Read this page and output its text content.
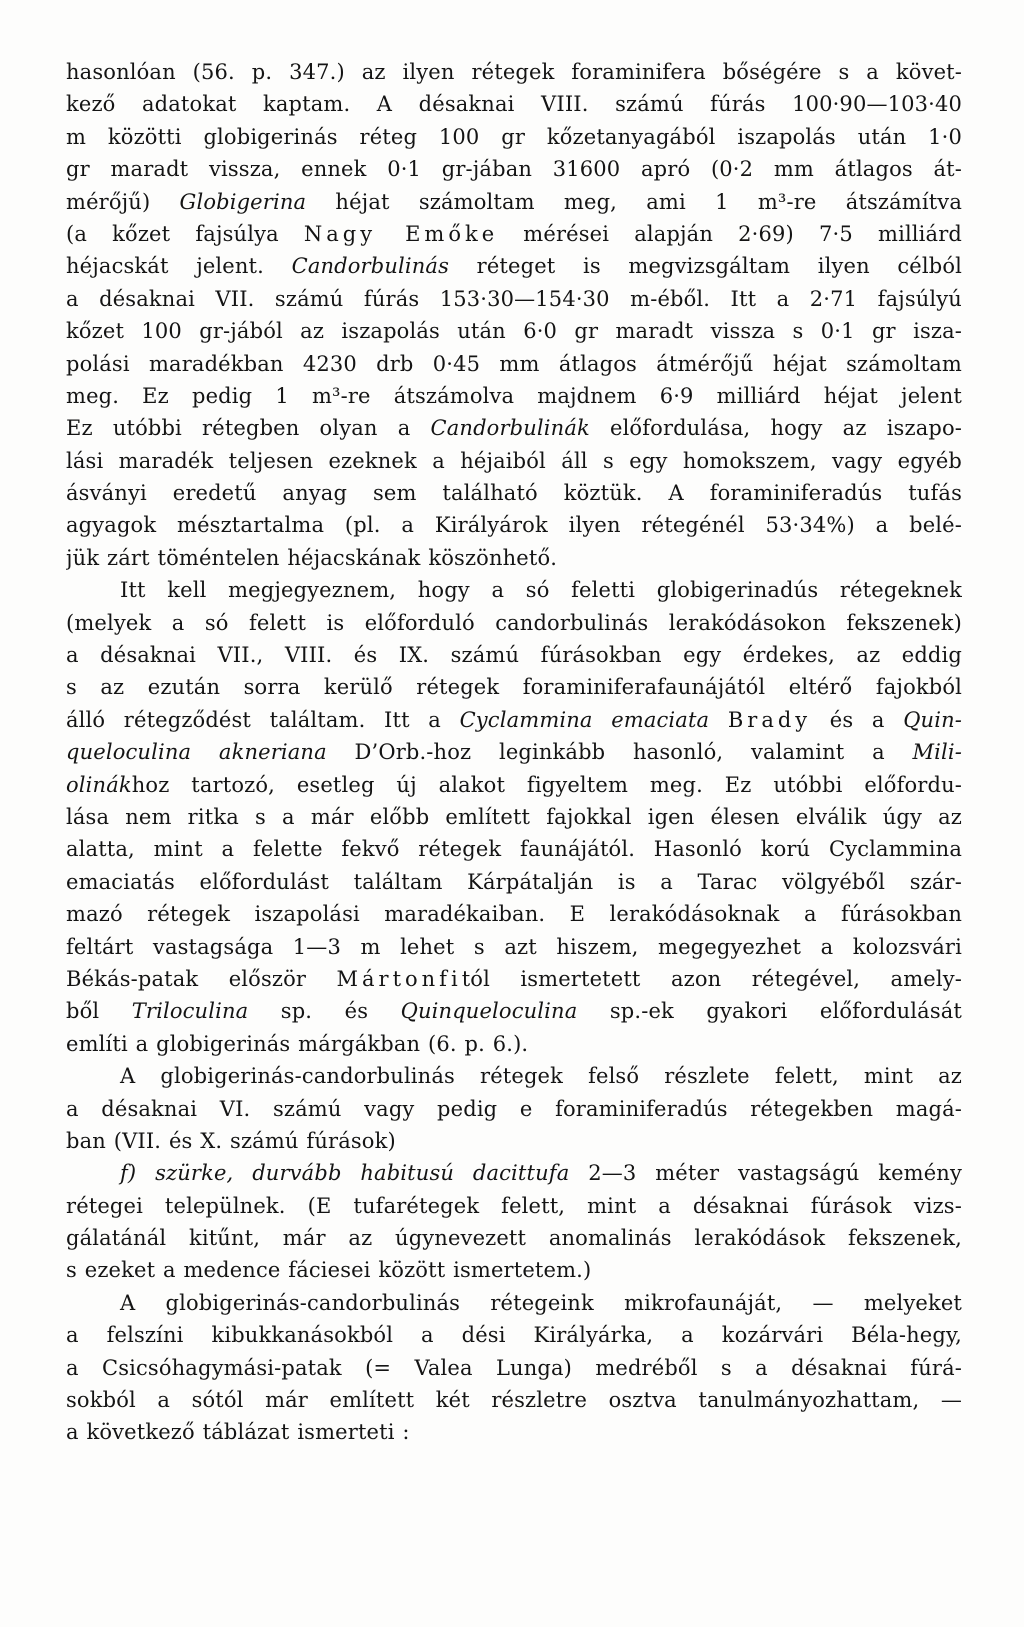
hasonlóan (56. p. 347.) az ilyen rétegek foraminifera bőségére s a követ-
kező adatokat kaptam. A désaknai VIII. számú fúrás 100·90—103·40
m közötti globigerinás réteg 100 gr kőzetanyagából iszapolás után 1·0
gr maradt vissza, ennek 0·1 gr-jában 31600 apró (0·2 mm átlagos át-
mérőjű) Globigerina héjat számoltam meg, ami 1 m³-re átszámítva
(a kőzet fajsúlya Nagy Emőke mérései alapján 2·69) 7·5 milliárd
héjacskát jelent. Candorbulinás réteget is megvizsgáltam ilyen célból
a désaknai VII. számú fúrás 153·30—154·30 m-éből. Itt a 2·71 fajsúlyú
kőzet 100 gr-jából az iszapolás után 6·0 gr maradt vissza s 0·1 gr isza-
polási maradékban 4230 drb 0·45 mm átlagos átmérőjű héjat számoltam
meg. Ez pedig 1 m³-re átszámolva majdnem 6·9 milliárd héjat jelent
Ez utóbbi rétegben olyan a Candorbulinák előfordulása, hogy az iszapo-
lási maradék teljesen ezeknek a héjaiból áll s egy homokszem, vagy egyéb
ásványi eredetű anyag sem található köztük. A foraminiferadús tufás
agyagok mésztartalma (pl. a Királyárok ilyen rétegénél 53·34%) a belé-
jük zárt töméntelen héjacskának köszönhető.
Itt kell megjegyeznem, hogy a só feletti globigerinadús rétegeknek
(melyek a só felett is előforduló candorbulinás lerakódásokon fekszenek)
a désaknai VII., VIII. és IX. számú fúrásokban egy érdekes, az eddig
s az ezután sorra kerülő rétegek foraminiferafaunájától eltérő fajokból
álló rétegződést találtam. Itt a Cyclammina emaciata Brady és a Quin-
queloculina akneriana D’Orb.-hoz leginkább hasonló, valamint a Mili-
olinákhoz tartozó, esetleg új alakot figyeltem meg. Ez utóbbi előfordu-
lása nem ritka s a már előbb említett fajokkal igen élesen elválik úgy az
alatta, mint a felette fekvő rétegek faunájától. Hasonló korú Cyclammina
emaciatás előfordulást találtam Kárpátalján is a Tarac völgyéből szár-
mazó rétegek iszapolási maradékaiban. E lerakódásoknak a fúrásokban
feltárt vastagsága 1—3 m lehet s azt hiszem, megegyezhet a kolozsvári
Békás-patak először Mártonfitól ismertetett azon rétegével, amely-
ből Triloculina sp. és Quinqueloculina sp.-ek gyakori előfordulását
említi a globigerinás márgákban (6. p. 6.).
A globigerinás-candorbulinás rétegek felső részlete felett, mint az
a désaknai VI. számú vagy pedig e foraminiferadús rétegekben magá-
ban (VII. és X. számú fúrások)
f) szürke, durvább habitusú dacittufa 2—3 méter vastagságú kemény
rétegei települnek. (E tufarétegek felett, mint a désaknai fúrások vizs-
gálatánál kitűnt, már az úgynevezett anomalinás lerakódások fekszenek,
s ezeket a medence fáciesei között ismertetem.)
A globigerinás-candorbulinás rétegeink mikrofaunáját, — melyeket
a felszíni kibukkanásokból a dési Királyárka, a kozárvári Béla-hegy,
a Csicsóhagymási-patak (= Valea Lunga) medréből s a désaknai fúrá-
sokból a sótól már említett két részletre osztva tanulmányozhattam, —
a következő táblázat ismerteti :
